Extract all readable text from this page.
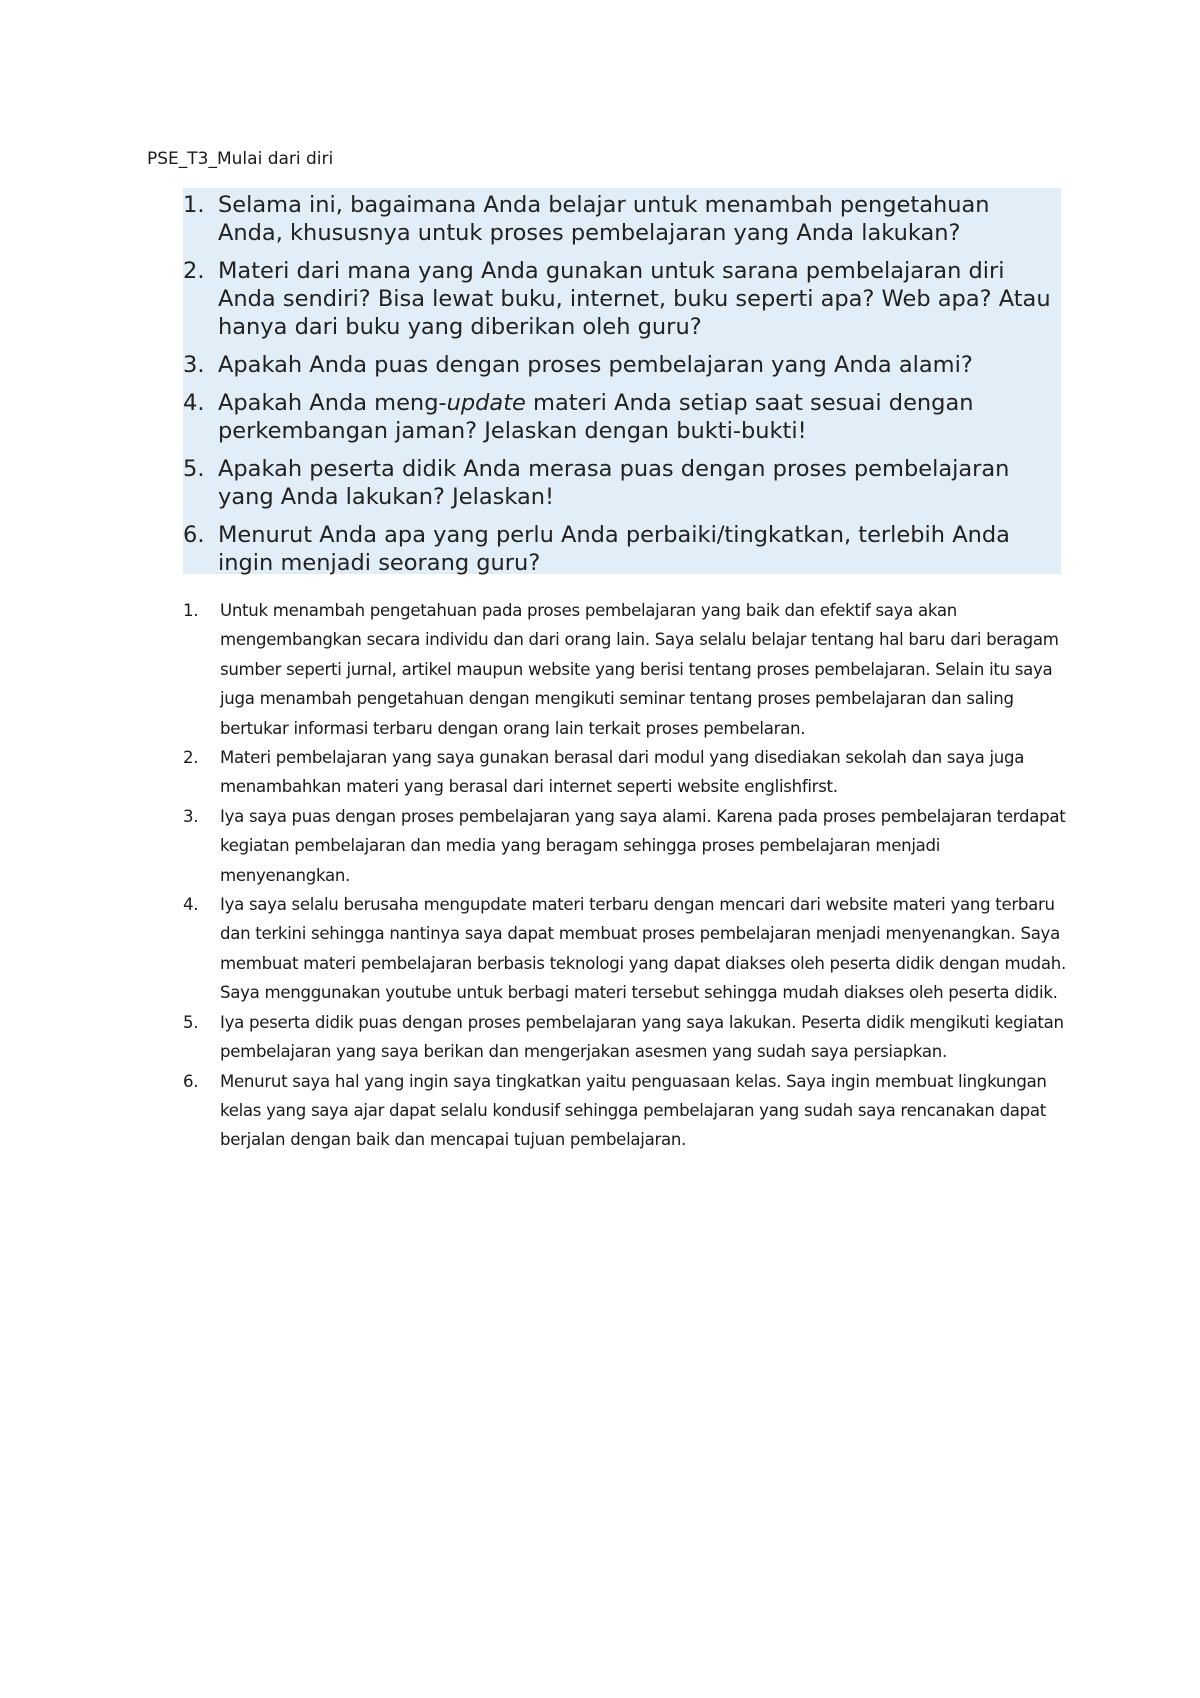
PSE_T3_Mulai dari diri

1. Selama ini, bagaimana Anda belajar untuk menambah pengetahuan Anda, khususnya untuk proses pembelajaran yang Anda lakukan?
2. Materi dari mana yang Anda gunakan untuk sarana pembelajaran diri Anda sendiri? Bisa lewat buku, internet, buku seperti apa? Web apa? Atau hanya dari buku yang diberikan oleh guru?
3. Apakah Anda puas dengan proses pembelajaran yang Anda alami?
4. Apakah Anda meng-update materi Anda setiap saat sesuai dengan perkembangan jaman? Jelaskan dengan bukti-bukti!
5. Apakah peserta didik Anda merasa puas dengan proses pembelajaran yang Anda lakukan? Jelaskan!
6. Menurut Anda apa yang perlu Anda perbaiki/tingkatkan, terlebih Anda ingin menjadi seorang guru?
1. Untuk menambah pengetahuan pada proses pembelajaran yang baik dan efektif saya akan mengembangkan secara individu dan dari orang lain. Saya selalu belajar tentang hal baru dari beragam sumber seperti jurnal, artikel maupun website yang berisi tentang proses pembelajaran. Selain itu saya juga menambah pengetahuan dengan mengikuti seminar tentang proses pembelajaran dan saling bertukar informasi terbaru dengan orang lain terkait proses pembelaran.
2. Materi pembelajaran yang saya gunakan berasal dari modul yang disediakan sekolah dan saya juga menambahkan materi yang berasal dari internet seperti website englishfirst.
3. Iya saya puas dengan proses pembelajaran yang saya alami. Karena pada proses pembelajaran terdapat kegiatan pembelajaran dan media yang beragam sehingga proses pembelajaran menjadi menyenangkan.
4. Iya saya selalu berusaha mengupdate materi terbaru dengan mencari dari website materi yang terbaru dan terkini sehingga nantinya saya dapat membuat proses pembelajaran menjadi menyenangkan. Saya membuat materi pembelajaran berbasis teknologi yang dapat diakses oleh peserta didik dengan mudah. Saya menggunakan youtube untuk berbagi materi tersebut sehingga mudah diakses oleh peserta didik.
5. Iya peserta didik puas dengan proses pembelajaran yang saya lakukan. Peserta didik mengikuti kegiatan pembelajaran yang saya berikan dan mengerjakan asesmen yang sudah saya persiapkan.
6. Menurut saya hal yang ingin saya tingkatkan yaitu penguasaan kelas. Saya ingin membuat lingkungan kelas yang saya ajar dapat selalu kondusif sehingga pembelajaran yang sudah saya rencanakan dapat berjalan dengan baik dan mencapai tujuan pembelajaran.
